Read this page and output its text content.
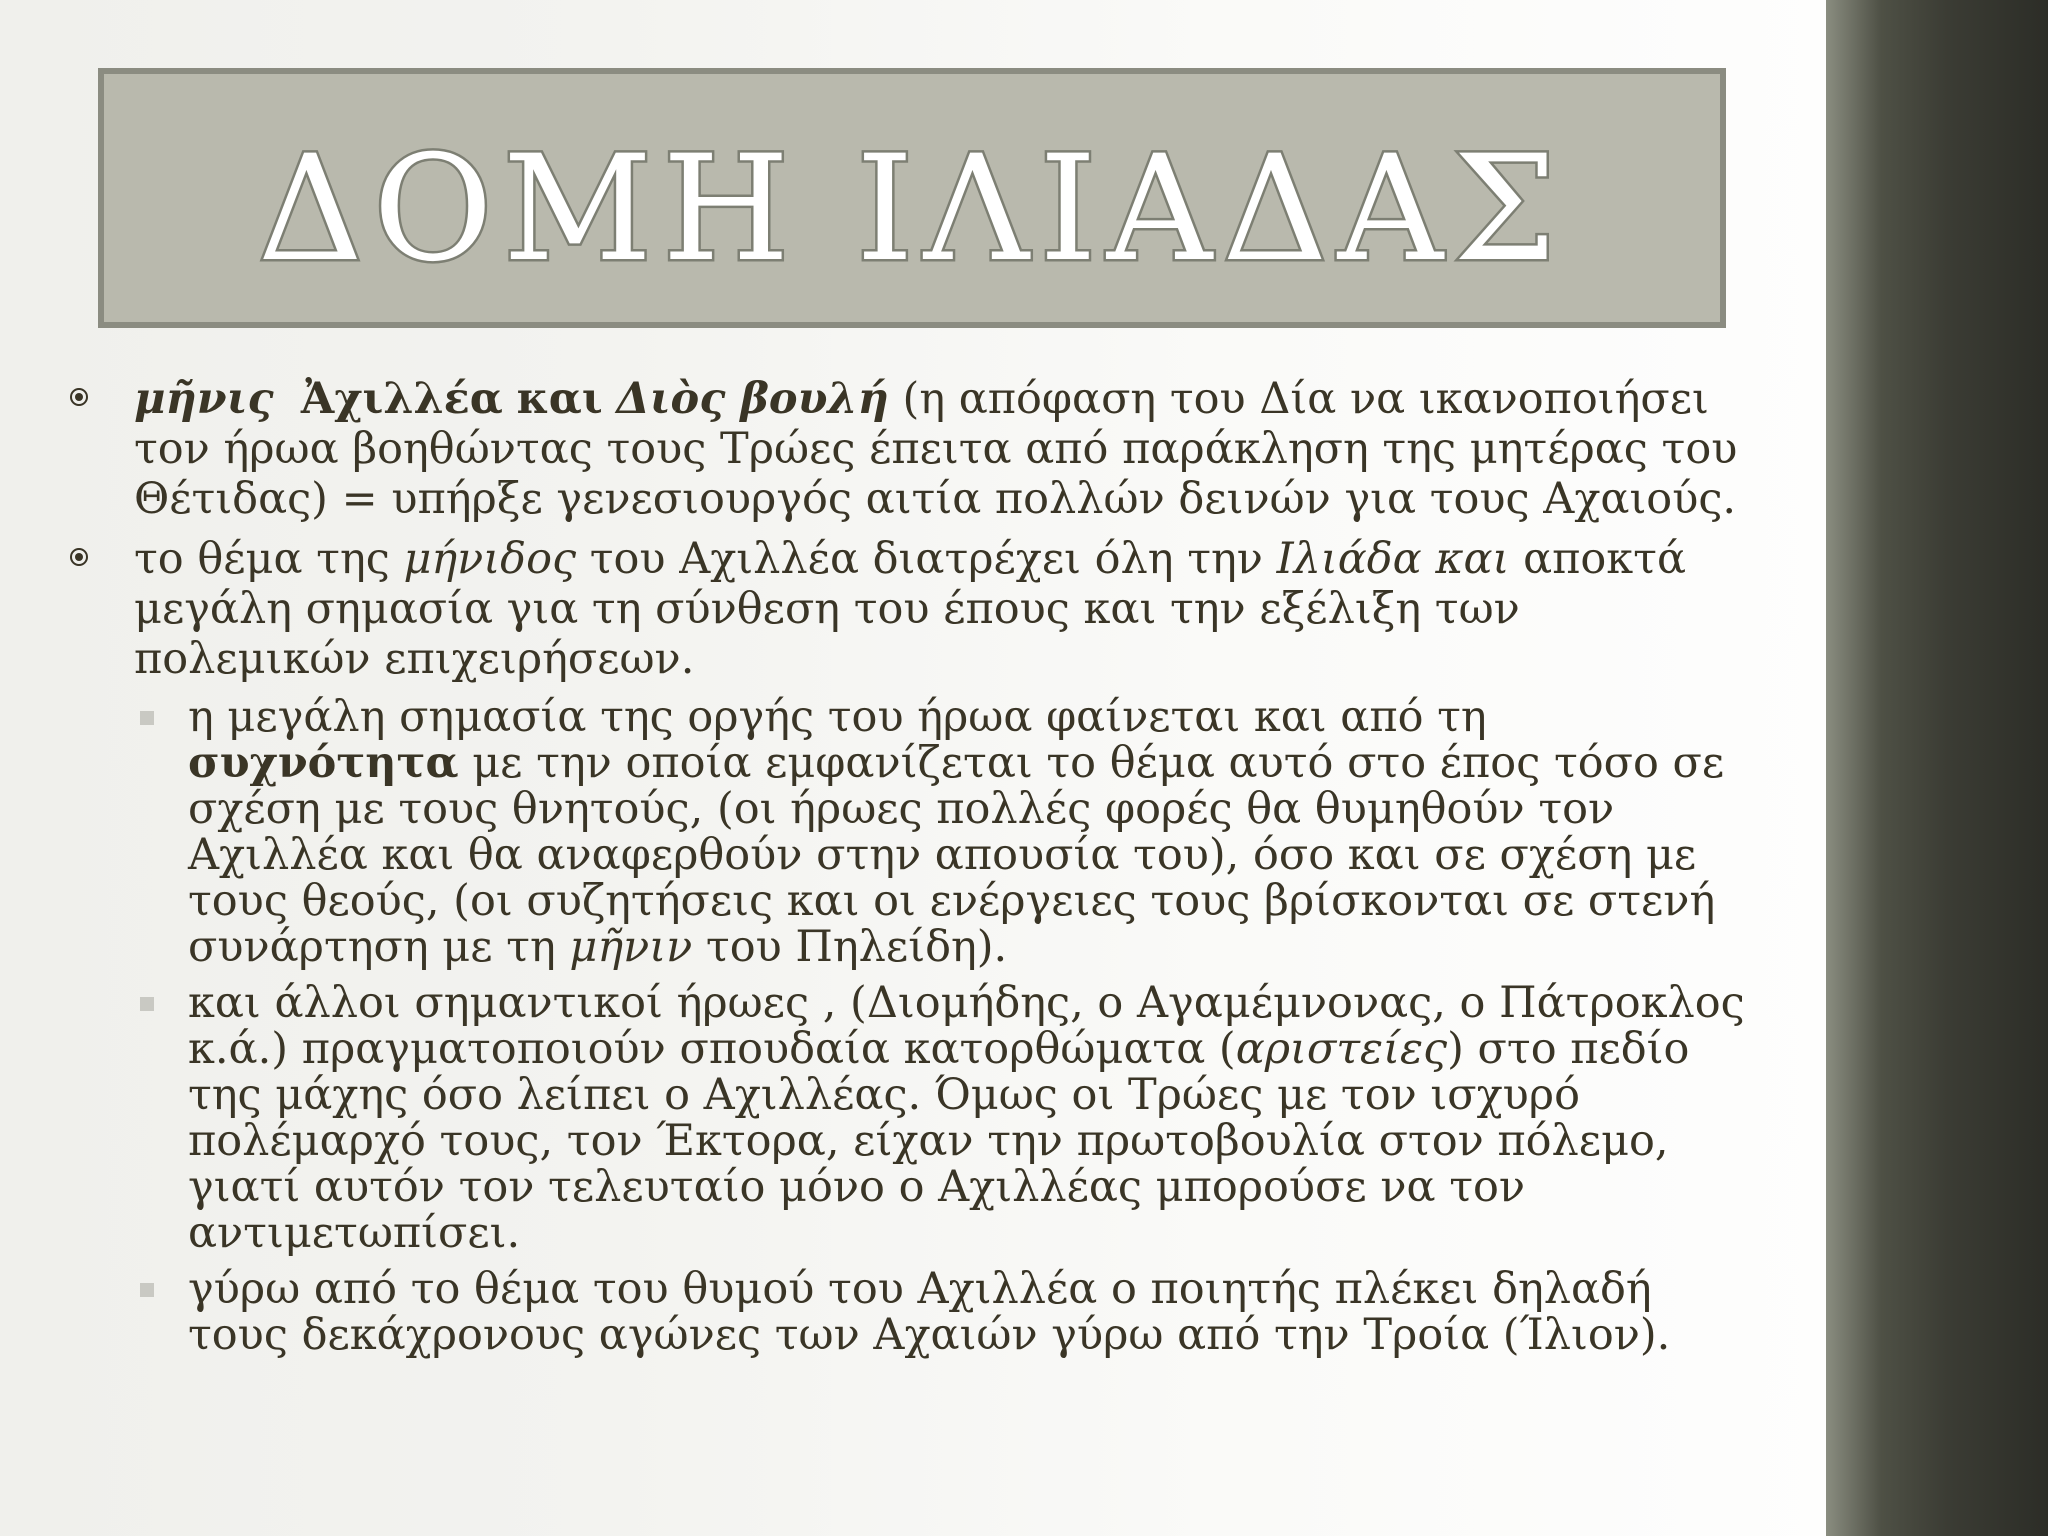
ΔΟΜΗ ΙΛΙΑΔΑΣ
μῆνις Ἀχιλλέα και Διὸς βουλή (η απόφαση του Δία να ικανοποιήσει τον ήρωα βοηθώντας τους Τρώες έπειτα από παράκληση της μητέρας του Θέτιδας) = υπήρξε γενεσιουργός αιτία πολλών δεινών για τους Αχαιούς.
το θέμα της μήνιδος του Αχιλλέα διατρέχει όλη την Ιλιάδα και αποκτά μεγάλη σημασία για τη σύνθεση του έπους και την εξέλιξη των πολεμικών επιχειρήσεων.
η μεγάλη σημασία της οργής του ήρωα φαίνεται και από τη συχνότητα με την οποία εμφανίζεται το θέμα αυτό στο έπος τόσο σε σχέση με τους θνητούς, (οι ήρωες πολλές φορές θα θυμηθούν τον Αχιλλέα και θα αναφερθούν στην απουσία του), όσο και σε σχέση με τους θεούς, (οι συζητήσεις και οι ενέργειες τους βρίσκονται σε στενή συνάρτηση με τη μῆνιν του Πηλείδη).
και άλλοι σημαντικοί ήρωες , (Διομήδης, ο Αγαμέμνονας, ο Πάτροκλος κ.ά.) πραγματοποιούν σπουδαία κατορθώματα (αριστείες) στο πεδίο της μάχης όσο λείπει ο Αχιλλέας. Όμως οι Τρώες με τον ισχυρό πολέμαρχό τους, τον Έκτορα, είχαν την πρωτοβουλία στον πόλεμο, γιατί αυτόν τον τελευταίο μόνο ο Αχιλλέας μπορούσε να τον αντιμετωπίσει.
γύρω από το θέμα του θυμού του Αχιλλέα ο ποιητής πλέκει δηλαδή τους δεκάχρονους αγώνες των Αχαιών γύρω από την Τροία (Ίλιον).
